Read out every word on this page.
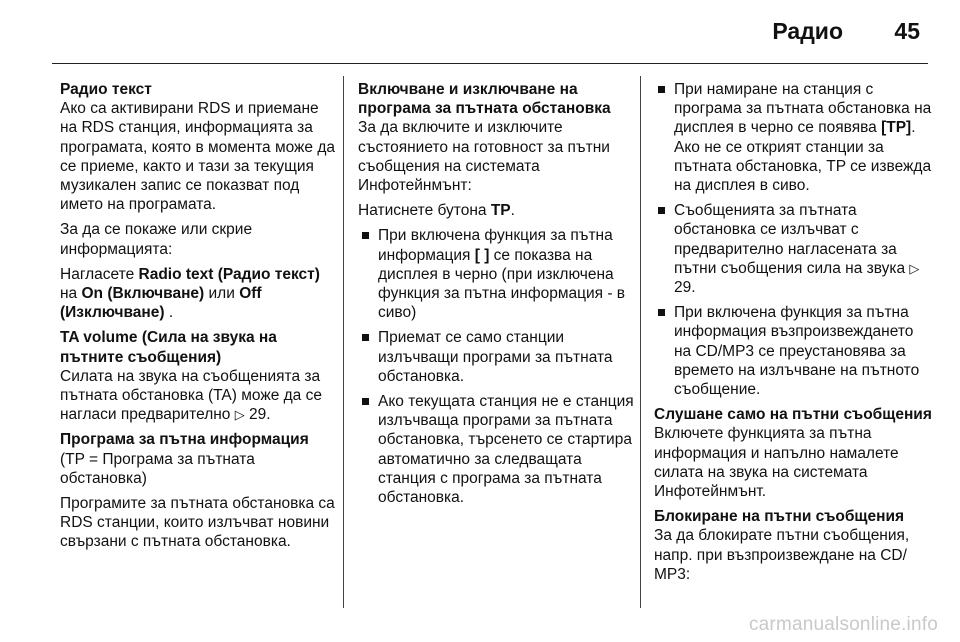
Радио 45
Радио текст

Ако са активирани RDS и приемане на RDS станция, информацията за програмата, която в момента може да се приеме, както и тази за текущия музикален запис се показват под името на програмата.

За да се покаже или скрие информацията:

Нагласете Radio text (Радио текст) на On (Включване) или Off (Изключване) .

TA volume (Сила на звука на пътните съобщения)

Силата на звука на съобщенията за пътната обстановка (TA) може да се нагласи предварително ▷ 29.

Програма за пътна информация

(TP = Програма за пътната обстановка)

Програмите за пътната обстановка са RDS станции, които излъчват новини свързани с пътната обстановка.

Включване и изключване на програма за пътната обстановка

За да включите и изключите състоянието на готовност за пътни съобщения на системата Инфотейнмънт:

Натиснете бутона TP.

При включена функция за пътна информация [ ] се показва на дисплея в черно (при изключена функция за пътна информация - в сиво)
Приемат се само станции излъчващи програми за пътната обстановка.
Ако текущата станция не е станция излъчваща програми за пътната обстановка, търсенето се стартира автоматично за следващата станция с програма за пътната обстановка.
При намиране на станция с програма за пътната обстановка на дисплея в черно се появява [TP]. Ако не се открият станции за пътната обстановка, TP се извежда на дисплея в сиво.
Съобщенията за пътната обстановка се излъчват с предварително нагласената за пътни съобщения сила на звука ▷ 29.
При включена функция за пътна информация възпроизвеждането на CD/MP3 се преустановява за времето на излъчване на пътното съобщение.
Слушане само на пътни съобщения

Включете функцията за пътна информация и напълно намалете силата на звука на системата Инфотейнмънт.

Блокиране на пътни съобщения

За да блокирате пътни съобщения, напр. при възпроизвеждане на CD/ MP3:

carmanualsonline.info
